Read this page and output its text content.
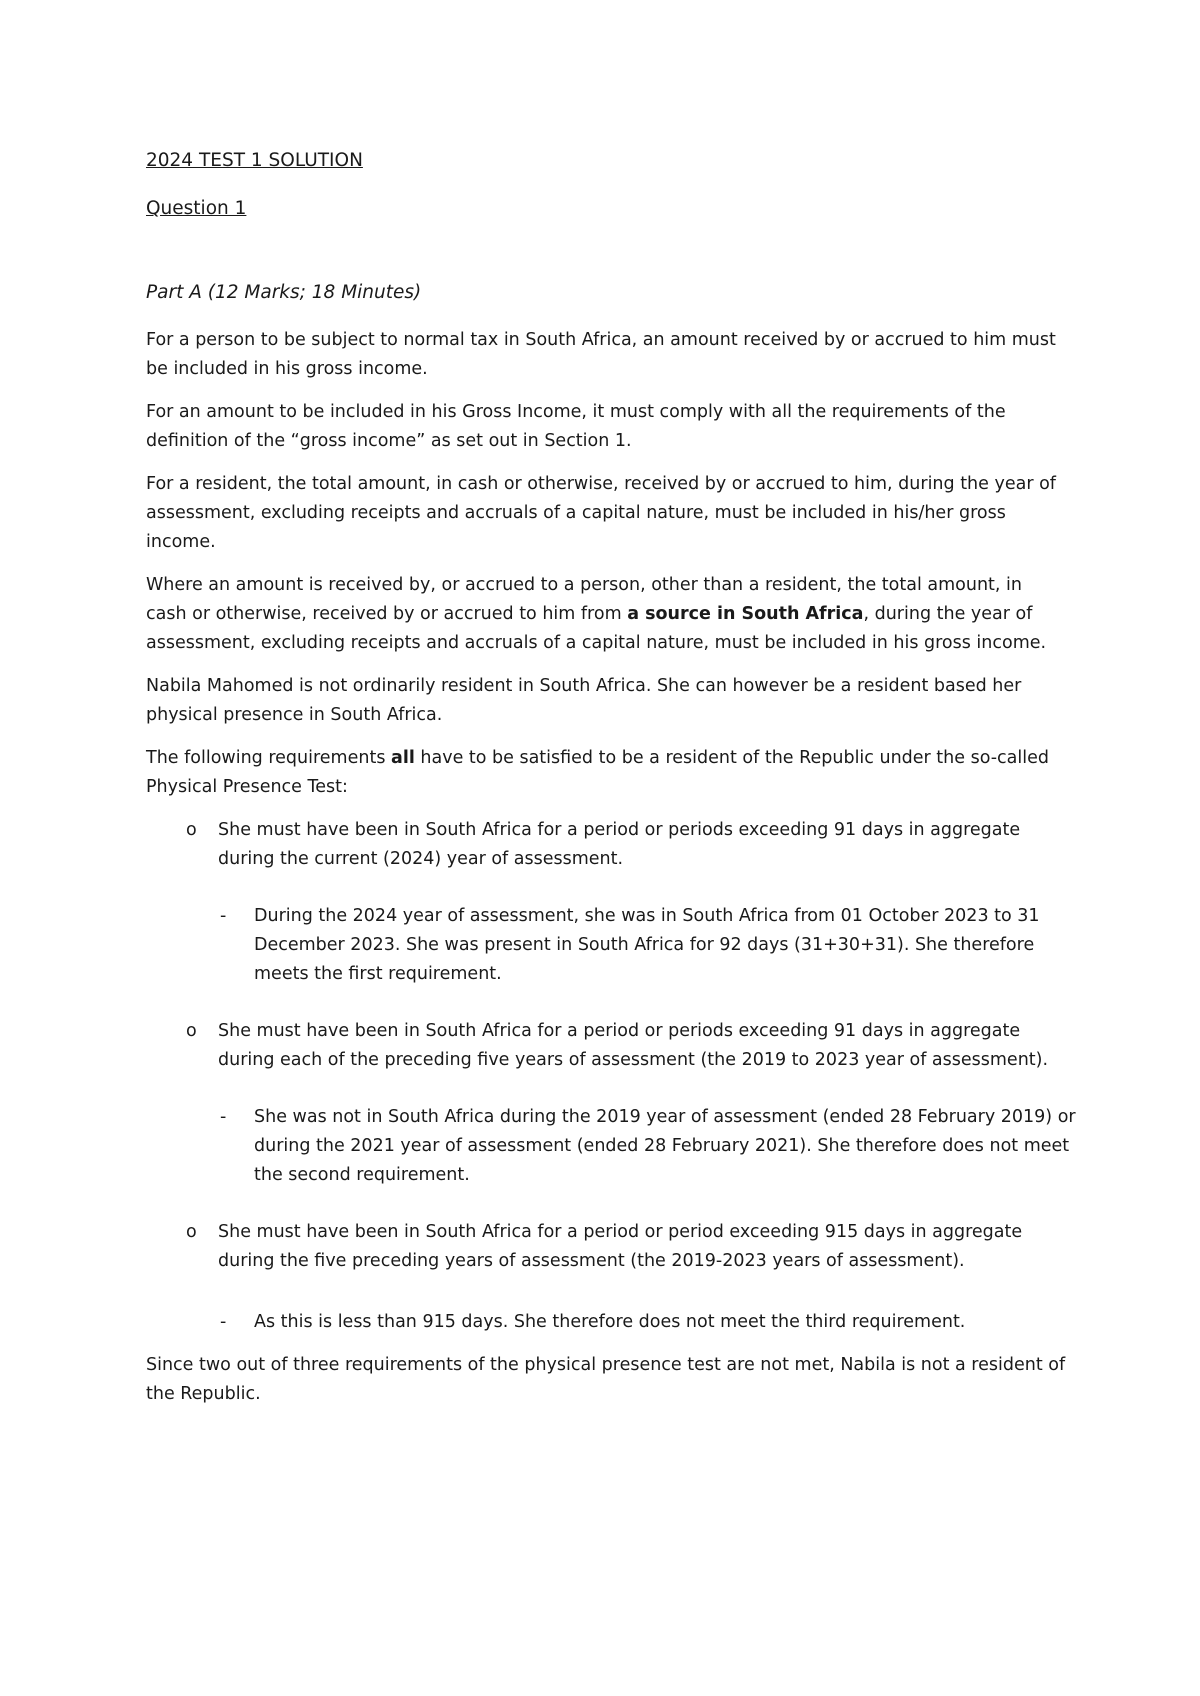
2024 TEST 1 SOLUTION
Question 1
Part A (12 Marks; 18 Minutes)

For a person to be subject to normal tax in South Africa, an amount received by or accrued to him must be included in his gross income.

For an amount to be included in his Gross Income, it must comply with all the requirements of the definition of the “gross income” as set out in Section 1.

For a resident, the total amount, in cash or otherwise, received by or accrued to him, during the year of assessment, excluding receipts and accruals of a capital nature, must be included in his/her gross income.

Where an amount is received by, or accrued to a person, other than a resident, the total amount, in cash or otherwise, received by or accrued to him from a source in South Africa, during the year of assessment, excluding receipts and accruals of a capital nature, must be included in his gross income.

Nabila Mahomed is not ordinarily resident in South Africa. She can however be a resident based her physical presence in South Africa.

The following requirements all have to be satisfied to be a resident of the Republic under the so-called Physical Presence Test:

o She must have been in South Africa for a period or periods exceeding 91 days in aggregate during the current (2024) year of assessment.
- During the 2024 year of assessment, she was in South Africa from 01 October 2023 to 31 December 2023. She was present in South Africa for 92 days (31+30+31). She therefore meets the first requirement.
o She must have been in South Africa for a period or periods exceeding 91 days in aggregate during each of the preceding five years of assessment (the 2019 to 2023 year of assessment).
- She was not in South Africa during the 2019 year of assessment (ended 28 February 2019) or during the 2021 year of assessment (ended 28 February 2021). She therefore does not meet the second requirement.
o She must have been in South Africa for a period or period exceeding 915 days in aggregate during the five preceding years of assessment (the 2019-2023 years of assessment).
- As this is less than 915 days. She therefore does not meet the third requirement.

Since two out of three requirements of the physical presence test are not met, Nabila is not a resident of the Republic.
